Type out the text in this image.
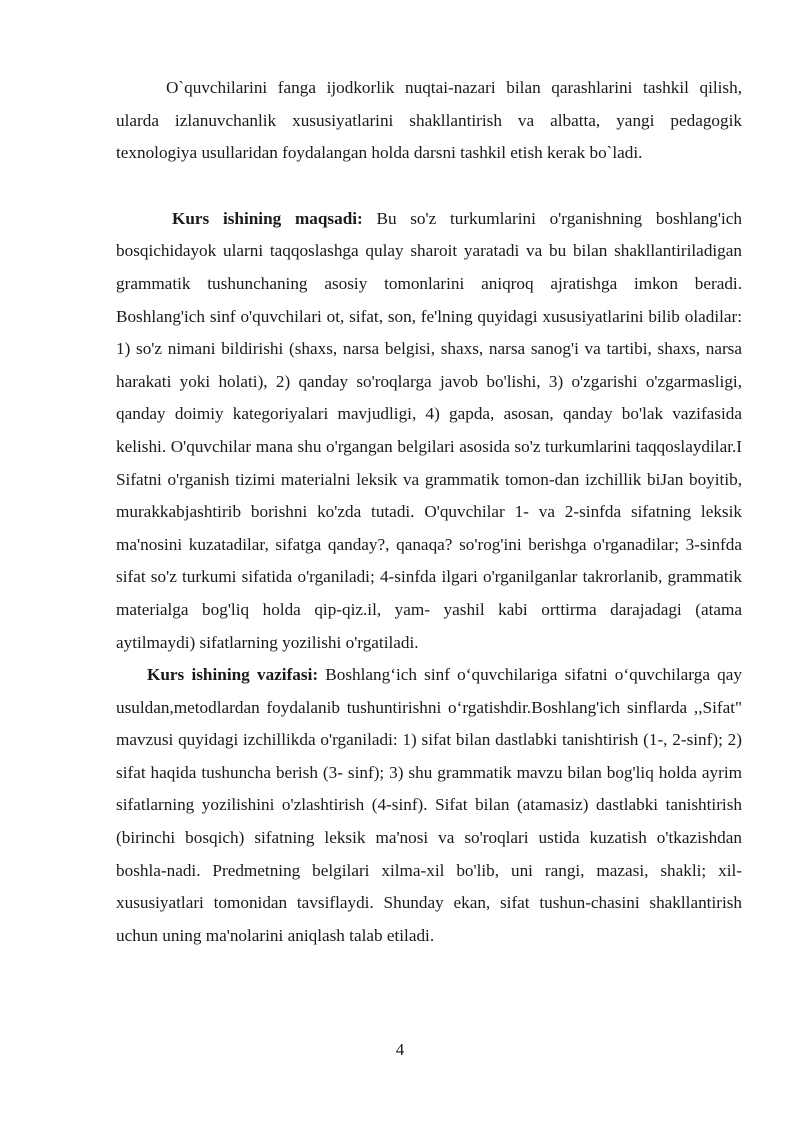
O`quvchilarini fanga ijodkorlik nuqtai-nazari bilan qarashlarini tashkil qilish, ularda izlanuvchanlik xususiyatlarini shakllantirish va albatta, yangi pedagogik texnologiya usullaridan foydalangan holda darsni tashkil etish kerak bo`ladi.

Kurs ishining maqsadi: Bu so'z turkumlarini o'rganishning boshlang'ich bosqichidayok ularni taqqoslashga qulay sharoit yaratadi va bu bilan shakllantiriladigan grammatik tushunchaning asosiy tomonlarini aniqroq ajratishga imkon beradi. Boshlang'ich sinf o'quvchilari ot, sifat, son, fe'lning quyidagi xususiyatlarini bilib oladilar: 1) so'z nimani bildirishi (shaxs, narsa belgisi, shaxs, narsa sanog'i va tartibi, shaxs, narsa harakati yoki holati), 2) qanday so'roqlarga javob bo'lishi, 3) o'zgarishi o'zgarmasligi, qanday doimiy kategoriyalari mavjudligi, 4) gapda, asosan, qanday bo'lak vazifasida kelishi. O'quvchilar mana shu o'rgangan belgilari asosida so'z turkumlarini taqqoslaydilar.I Sifatni o'rganish tizimi materialni leksik va grammatik tomon-dan izchillik biJan boyitib, murakkabjashtirib borishni ko'zda tutadi. O'quvchilar 1- va 2-sinfda sifatning leksik ma'nosini kuzatadilar, sifatga qanday?, qanaqa? so'rog'ini berishga o'rganadilar; 3-sinfda sifat so'z turkumi sifatida o'rganiladi; 4-sinfda ilgari o'rganilganlar takrorlanib, grammatik materialga bog'liq holda qip-qiz.il, yam- yashil kabi orttirma darajadagi (atama aytilmaydi) sifatlarning yozilishi o'rgatiladi.

Kurs ishining vazifasi: Boshlang‘ich sinf o‘quvchilariga sifatni o‘quvchilarga qay usuldan,metodlardan foydalanib tushuntirishni o‘rgatishdir.Boshlang'ich sinflarda ,,Sifat" mavzusi quyidagi izchillikda o'rganiladi: 1) sifat bilan dastlabki tanishtirish (1-, 2-sinf); 2) sifat haqida tushuncha berish (3- sinf); 3) shu grammatik mavzu bilan bog'liq holda ayrim sifatlarning yozilishini o'zlashtirish (4-sinf). Sifat bilan (atamasiz) dastlabki tanishtirish (birinchi bosqich) sifatning leksik ma'nosi va so'roqlari ustida kuzatish o'tkazishdan boshla-nadi. Predmetning belgilari xilma-xil bo'lib, uni rangi, mazasi, shakli; xil-xususiyatlari tomonidan tavsiflaydi. Shunday ekan, sifat tushun-chasini shakllantirish uchun uning ma'nolarini aniqlash talab etiladi.

4
